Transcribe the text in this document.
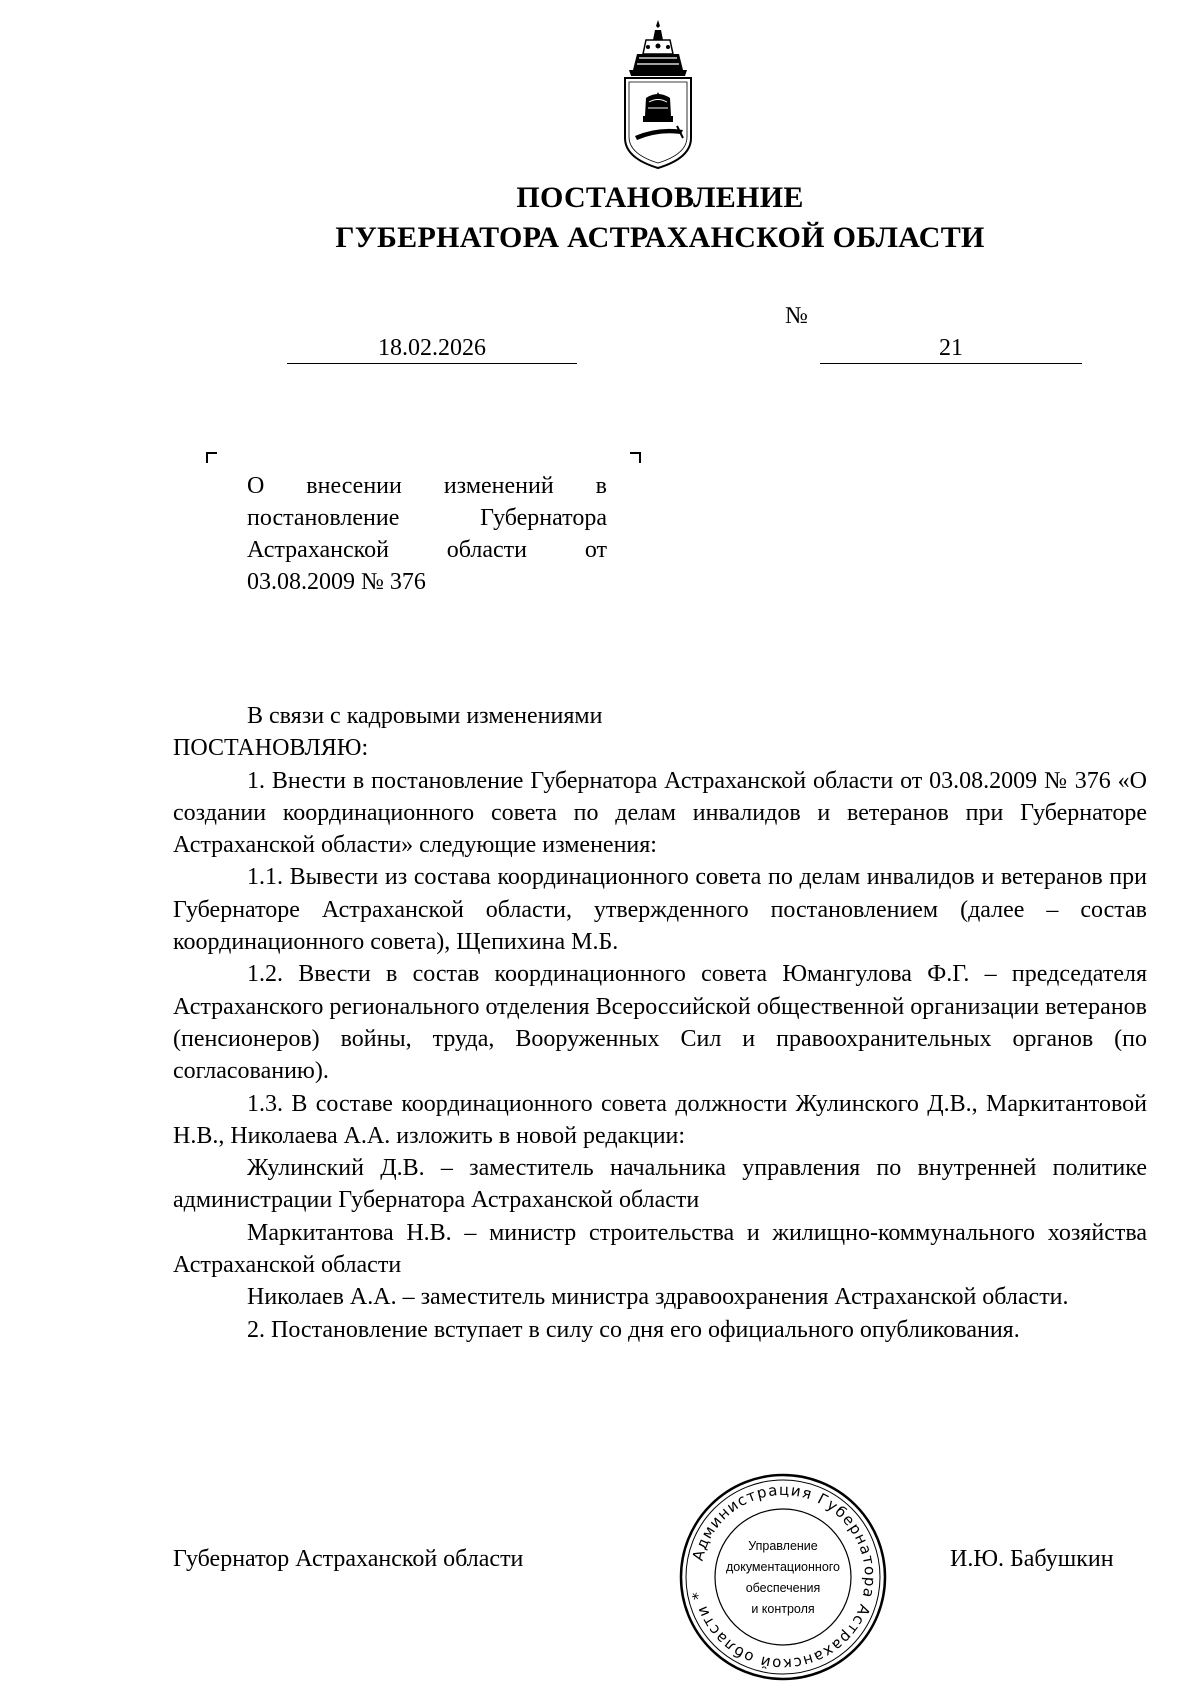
ПОСТАНОВЛЕНИЕ
ГУБЕРНАТОРА АСТРАХАНСКОЙ ОБЛАСТИ
18.02.2026
№
21
О внесении изменений в
постановление Губернатора
Астраханской области от
03.08.2009 № 376

В связи с кадровыми изменениями

ПОСТАНОВЛЯЮ:

1. Внести в постановление Губернатора Астраханской области от 03.08.2009 № 376 «О создании координационного совета по делам инвалидов и ветеранов при Губернаторе Астраханской области» следующие изменения:

1.1. Вывести из состава координационного совета по делам инвалидов и ветеранов при Губернаторе Астраханской области, утвержденного постановлением (далее – состав координационного совета), Щепихина М.Б.

1.2. Ввести в состав координационного совета Юмангулова Ф.Г. – председателя Астраханского регионального отделения Всероссийской общественной организации ветеранов (пенсионеров) войны, труда, Вооруженных Сил и правоохранительных органов (по согласованию).

1.3. В составе координационного совета должности Жулинского Д.В., Маркитантовой Н.В., Николаева А.А. изложить в новой редакции:

Жулинский Д.В. – заместитель начальника управления по внутренней политике администрации Губернатора Астраханской области

Маркитантова Н.В. – министр строительства и жилищно-коммунального хозяйства Астраханской области

Николаев А.А. – заместитель министра здравоохранения Астраханской области.

2. Постановление вступает в силу со дня его официального опубликования.

Губернатор Астраханской области	И.Ю. Бабушкин
Администрация Губернатора Астраханской области *
Управление
документационного
обеспечения
и контроля
